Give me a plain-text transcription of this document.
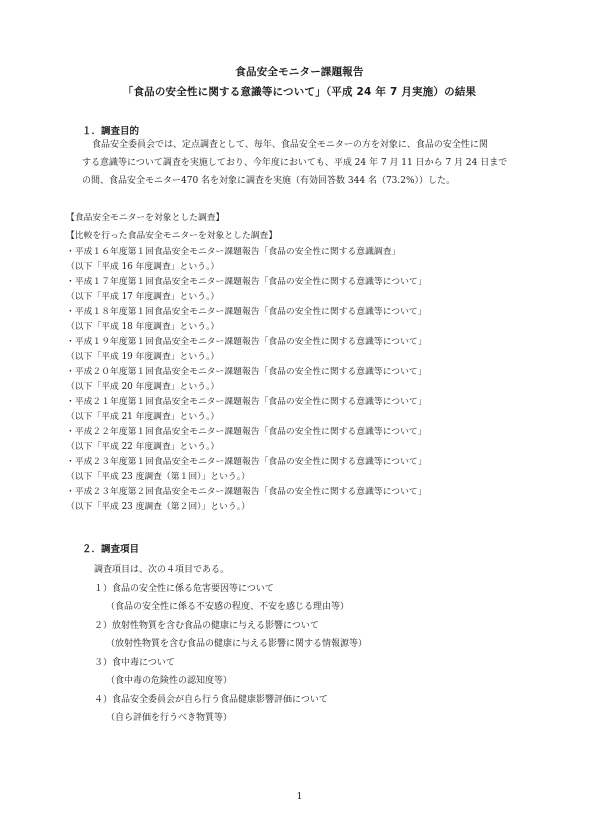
食品安全モニター課題報告
「食品の安全性に関する意識等について」（平成 24 年 7 月実施）の結果
１．調査目的
食品安全委員会では、定点調査として、毎年、食品安全モニターの方を対象に、食品の安全性に関
する意識等について調査を実施しており、今年度においても、平成 24 年 7 月 11 日から 7 月 24 日まで
の間、食品安全モニター470 名を対象に調査を実施（有効回答数 344 名（73.2%））した。
【食品安全モニターを対象とした調査】
【比較を行った食品安全モニターを対象とした調査】
・平成１６年度第１回食品安全モニター課題報告「食品の安全性に関する意識調査」
（以下「平成 16 年度調査」という。）
・平成１７年度第１回食品安全モニター課題報告「食品の安全性に関する意識等について」
（以下「平成 17 年度調査」という。）
・平成１８年度第１回食品安全モニター課題報告「食品の安全性に関する意識等について」
（以下「平成 18 年度調査」という。）
・平成１９年度第１回食品安全モニター課題報告「食品の安全性に関する意識等について」
（以下「平成 19 年度調査」という。）
・平成２０年度第１回食品安全モニター課題報告「食品の安全性に関する意識等について」
（以下「平成 20 年度調査」という。）
・平成２１年度第１回食品安全モニター課題報告「食品の安全性に関する意識等について」
（以下「平成 21 年度調査」という。）
・平成２２年度第１回食品安全モニター課題報告「食品の安全性に関する意識等について」
（以下「平成 22 年度調査」という。）
・平成２３年度第１回食品安全モニター課題報告「食品の安全性に関する意識等について」
（以下「平成 23 度調査（第１回）」という。）
・平成２３年度第２回食品安全モニター課題報告「食品の安全性に関する意識等について」
（以下「平成 23 度調査（第２回）」という。）
２．調査項目
調査項目は、次の４項目である。
１）食品の安全性に係る危害要因等について
（食品の安全性に係る不安感の程度、不安を感じる理由等）
２）放射性物質を含む食品の健康に与える影響について
（放射性物質を含む食品の健康に与える影響に関する情報源等）
３）食中毒について
（食中毒の危険性の認知度等）
４）食品安全委員会が自ら行う食品健康影響評価について
（自ら評価を行うべき物質等）
1
